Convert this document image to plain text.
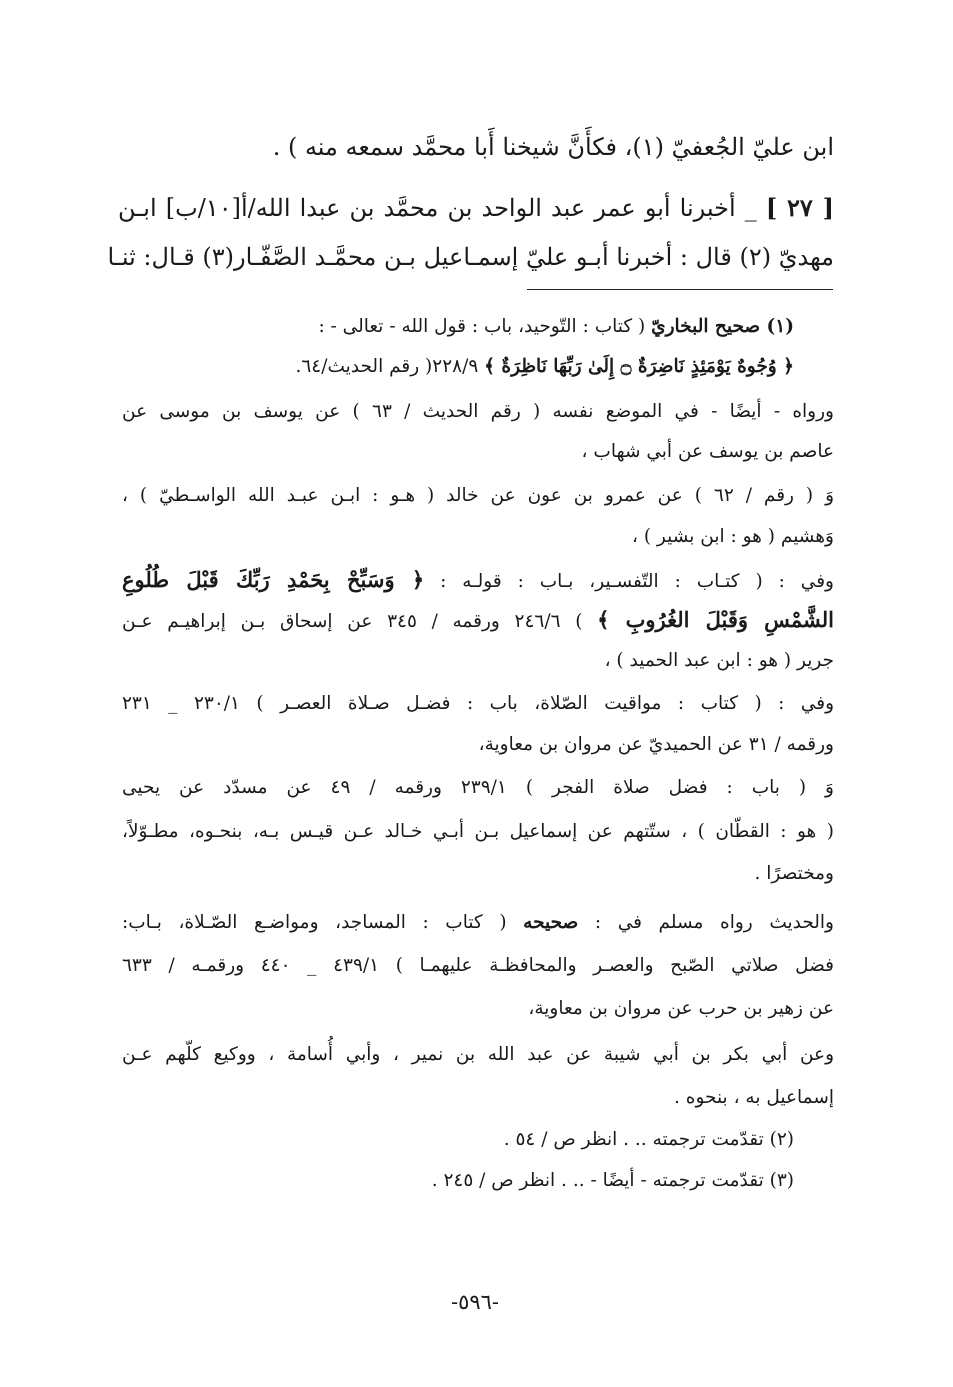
ابن عليّ الجُعفيّ (١)، فكأَنَّ شيخنا أَبا محمَّد سمعه منه ) .
[ ٢٧ ] _ أخبرنا أبو عمر عبد الواحد بن محمَّد بن عبدا الله/أ[١٠/ب] ابـن
مهديّ (٢) قال : أخبرنا أبـو عليّ إسمـاعيل بـن محمَّـد الصَّفّـار(٣) قـال: ثنـا
(١) صحيح البخاريّ ( كتاب : التّوحيد، باب : قول الله - تعالى - :
﴿ وُجُوهٌ يَوْمَئِذٍ نَاضِرَةٌ ۝ إِلَىٰ رَبِّهَا نَاظِرَةٌ ﴾ ٢٢٨/٩( رقم الحديث/٦٤.
ورواه - أيضًا - في الموضع نفسه ( رقم الحديث / ٦٣ ) عن يوسف بن موسى عن
عاصم بن يوسف عن أبي شهاب ،
وَ ( رقم / ٦٢ ) عن عمرو بن عون عن خالد ( هـو : ابـن عبـد الله الواسـطيّ ) ،
وَهشيم ( هو : ابن بشير ) ،
وفي : ( كتـاب : التّفسـير، بـاب : قولـه : ﴿ وَسَبِّحْ بِحَمْدِ رَبِّكَ قَبْلَ طُلُوعِ
الشَّمْسِ وَقَبْلَ الغُرُوبِ ﴾ ) ٢٤٦/٦ ورقمه / ٣٤٥ عن إسحاق بـن إبراهيـم عـن
جرير ( هو : ابن عبد الحميد ) ،
وفي : ( كتاب : مواقيت الصّلاة، باب : فضـل صـلاة العصـر ) ٢٣٠/١ _ ٢٣١
ورقمه / ٣١ عن الحميديّ عن مروان بن معاوية،
وَ ( باب : فضل صلاة الفجر ) ٢٣٩/١ ورقمه / ٤٩ عن مسدّد عن يحيى
( هو : القطّان ) ، ستّتهم عن إسماعيل بـن أبـي خـالد عـن قيـس بـه، بنحـوه، مطـوّلاً،
ومختصرًا .
والحديث رواه مسلم في : صحيحه ( كتاب : المساجد، ومواضـع الصّـلاة، بـاب:
فضل صلاتي الصّبح والعصـر والمحافظـة عليهمـا ) ٤٣٩/١ _ ٤٤٠ ورقمـه / ٦٣٣
عن زهير بن حرب عن مروان بن معاوية،
وعن أبي بكر بن أبي شيبة عن عبد الله بن نمير ، وأبي أُسامة ، ووكيع كلّهم عـن
إسماعيل به ، بنحوه .
(٢) تقدّمت ترجمته .. . انظر ص / ٥٤ .
(٣) تقدّمت ترجمته - أيضًا - .. . انظر ص / ٢٤٥ .
-٥٩٦-
